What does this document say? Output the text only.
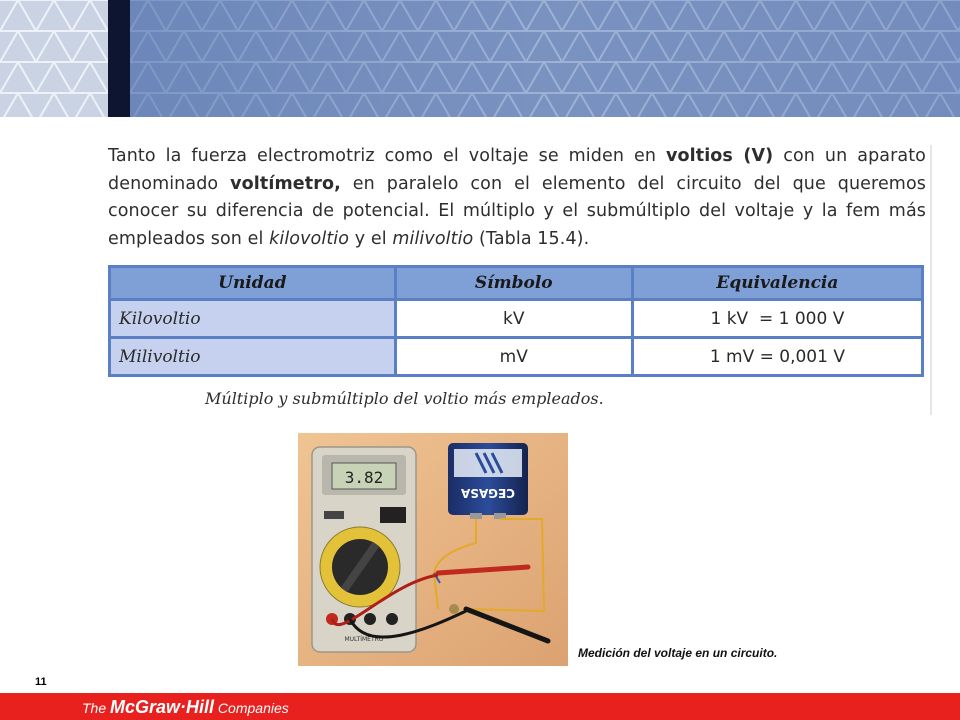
Tanto la fuerza electromotriz como el voltaje se miden en voltios (V) con un aparato denominado voltímetro, en paralelo con el elemento del circuito del que queremos conocer su diferencia de potencial. El múltiplo y el submúltiplo del voltaje y la fem más empleados son el kilovoltio y el milivoltio (Tabla 15.4).
Unidad	Símbolo	Equivalencia
Kilovoltio	kV	1 kV  = 1 000 V
Milivoltio	mV	1 mV = 0,001 V
Múltiplo y submúltiplo del voltio más empleados.
3.82
MULTÍMETRO
CEGASA
Medición del voltaje en un circuito.
11
The McGraw·Hill Companies
